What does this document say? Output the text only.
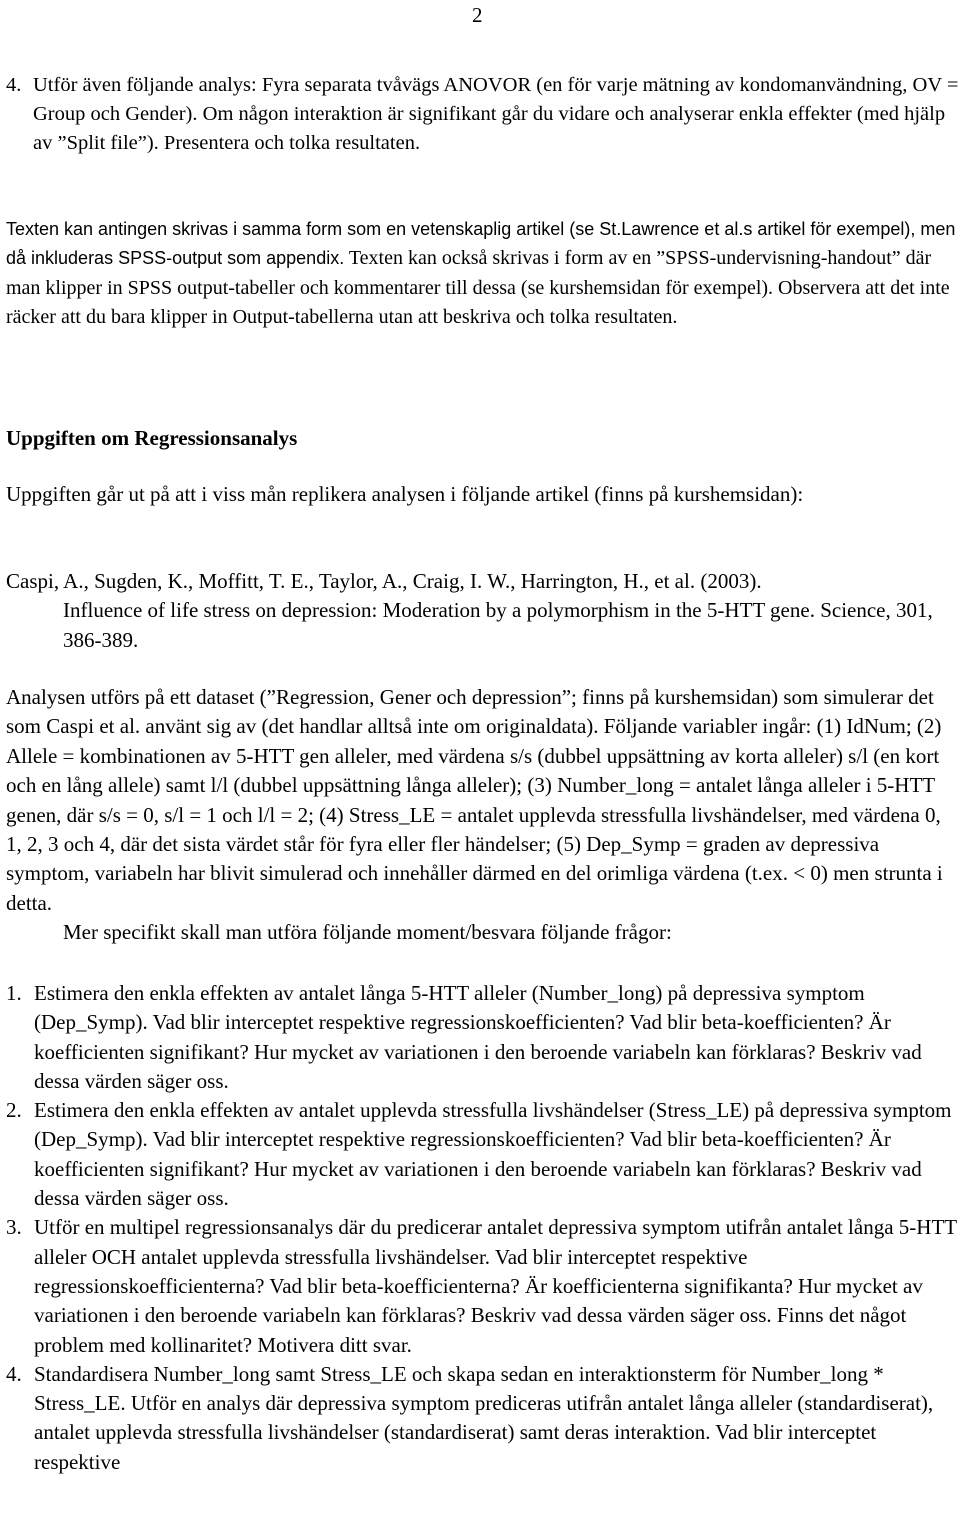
2
4. Utför även följande analys: Fyra separata tvåvägs ANOVOR (en för varje mätning av kondomanvändning, OV = Group och Gender). Om någon interaktion är signifikant går du vidare och analyserar enkla effekter (med hjälp av ”Split file”). Presentera och tolka resultaten.
Texten kan antingen skrivas i samma form som en vetenskaplig artikel (se St.Lawrence et al.s artikel för exempel), men då inkluderas SPSS-output som appendix. Texten kan också skrivas i form av en ”SPSS-undervisning-handout” där man klipper in SPSS output-tabeller och kommentarer till dessa (se kurshemsidan för exempel). Observera att det inte räcker att du bara klipper in Output-tabellerna utan att beskriva och tolka resultaten.
Uppgiften om Regressionsanalys
Uppgiften går ut på att i viss mån replikera analysen i följande artikel (finns på kurshemsidan):
Caspi, A., Sugden, K., Moffitt, T. E., Taylor, A., Craig, I. W., Harrington, H., et al. (2003).
Influence of life stress on depression: Moderation by a polymorphism in the 5-HTT gene. Science, 301, 386-389.
Analysen utförs på ett dataset (”Regression, Gener och depression”; finns på kurshemsidan) som simulerar det som Caspi et al. använt sig av (det handlar alltså inte om originaldata). Följande variabler ingår: (1) IdNum; (2) Allele = kombinationen av 5-HTT gen alleler, med värdena s/s (dubbel uppsättning av korta alleler) s/l (en kort och en lång allele) samt l/l (dubbel uppsättning långa alleler); (3) Number_long = antalet långa alleler i 5-HTT genen, där s/s = 0, s/l = 1 och l/l = 2; (4) Stress_LE = antalet upplevda stressfulla livshändelser, med värdena 0, 1, 2, 3 och 4, där det sista värdet står för fyra eller fler händelser; (5) Dep_Symp = graden av depressiva symptom, variabeln har blivit simulerad och innehåller därmed en del orimliga värdena (t.ex. < 0) men strunta i detta.
Mer specifikt skall man utföra följande moment/besvara följande frågor:
1. Estimera den enkla effekten av antalet långa 5-HTT alleler (Number_long) på depressiva symptom (Dep_Symp). Vad blir interceptet respektive regressionskoefficienten? Vad blir beta-koefficienten? Är koefficienten signifikant? Hur mycket av variationen i den beroende variabeln kan förklaras? Beskriv vad dessa värden säger oss.
2. Estimera den enkla effekten av antalet upplevda stressfulla livshändelser (Stress_LE) på depressiva symptom (Dep_Symp). Vad blir interceptet respektive regressionskoefficienten? Vad blir beta-koefficienten? Är koefficienten signifikant? Hur mycket av variationen i den beroende variabeln kan förklaras? Beskriv vad dessa värden säger oss.
3. Utför en multipel regressionsanalys där du predicerar antalet depressiva symptom utifrån antalet långa 5-HTT alleler OCH antalet upplevda stressfulla livshändelser. Vad blir interceptet respektive regressionskoefficienterna? Vad blir beta-koefficienterna? Är koefficienterna signifikanta? Hur mycket av variationen i den beroende variabeln kan förklaras? Beskriv vad dessa värden säger oss. Finns det något problem med kollinaritet? Motivera ditt svar.
4. Standardisera Number_long samt Stress_LE och skapa sedan en interaktionsterm för Number_long * Stress_LE. Utför en analys där depressiva symptom prediceras utifrån antalet långa alleler (standardiserat), antalet upplevda stressfulla livshändelser (standardiserat) samt deras interaktion. Vad blir interceptet respektive
